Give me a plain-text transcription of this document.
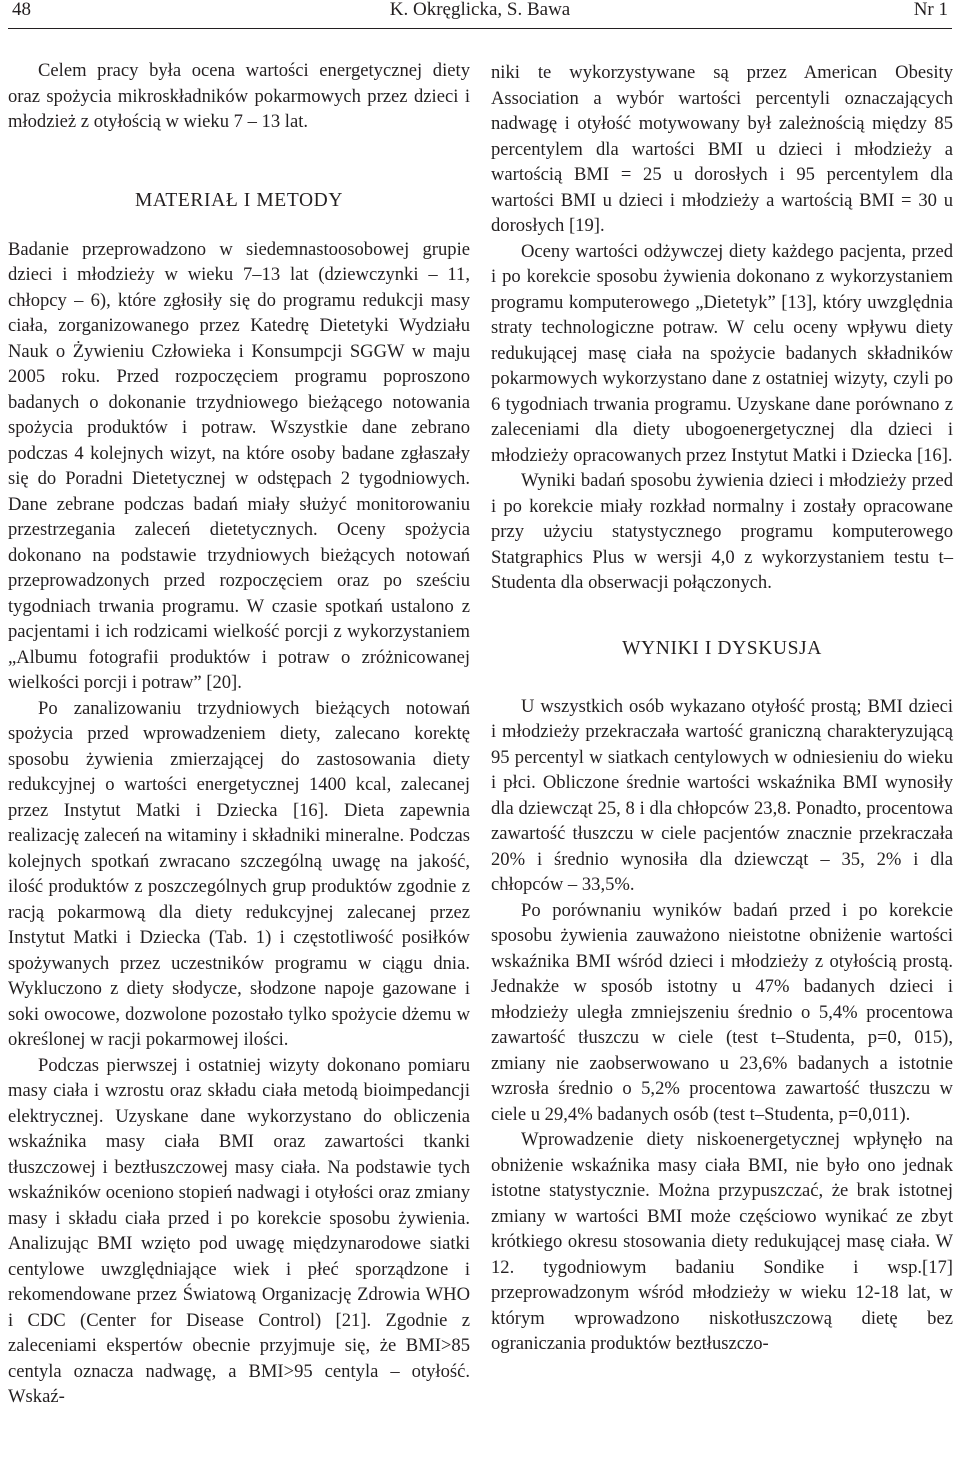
48	K. Okręglicka, S. Bawa	Nr 1

Celem pracy była ocena wartości energetycznej diety oraz spożycia mikroskładników pokarmowych przez dzieci i młodzież z otyłością w wieku 7 – 13 lat.

MATERIAŁ I METODY

Badanie przeprowadzono w siedemnastoosobowej grupie dzieci i młodzieży w wieku 7–13 lat (dziewczynki – 11, chłopcy – 6), które zgłosiły się do programu redukcji masy ciała, zorganizowanego przez Katedrę Dietetyki Wydziału Nauk o Żywieniu Człowieka i Konsumpcji SGGW w maju 2005 roku. Przed rozpoczęciem programu poproszono badanych o dokonanie trzydniowego bieżącego notowania spożycia produktów i potraw. Wszystkie dane zebrano podczas 4 kolejnych wizyt, na które osoby badane zgłaszały się do Poradni Dietetycznej w odstępach 2 tygodniowych. Dane zebrane podczas badań miały służyć monitorowaniu przestrzegania zaleceń dietetycznych. Oceny spożycia dokonano na podstawie trzydniowych bieżących notowań przeprowadzonych przed rozpoczęciem oraz po sześciu tygodniach trwania programu. W czasie spotkań ustalono z pacjentami i ich rodzicami wielkość porcji z wykorzystaniem „Albumu fotografii produktów i potraw o zróżnicowanej wielkości porcji i potraw” [20].

Po zanalizowaniu trzydniowych bieżących notowań spożycia przed wprowadzeniem diety, zalecano korektę sposobu żywienia zmierzającej do zastosowania diety redukcyjnej o wartości energetycznej 1400 kcal, zalecanej przez Instytut Matki i Dziecka [16]. Dieta zapewnia realizację zaleceń na witaminy i składniki mineralne. Podczas kolejnych spotkań zwracano szczególną uwagę na jakość, ilość produktów z poszczególnych grup produktów zgodnie z racją pokarmową dla diety redukcyjnej zalecanej przez Instytut Matki i Dziecka (Tab. 1) i częstotliwość posiłków spożywanych przez uczestników programu w ciągu dnia. Wykluczono z diety słodycze, słodzone napoje gazowane i soki owocowe, dozwolone pozostało tylko spożycie dżemu w określonej w racji pokarmowej ilości.

Podczas pierwszej i ostatniej wizyty dokonano pomiaru masy ciała i wzrostu oraz składu ciała metodą bioimpedancji elektrycznej. Uzyskane dane wykorzystano do obliczenia wskaźnika masy ciała BMI oraz zawartości tkanki tłuszczowej i beztłuszczowej masy ciała. Na podstawie tych wskaźników oceniono stopień nadwagi i otyłości oraz zmiany masy i składu ciała przed i po korekcie sposobu żywienia. Analizując BMI wzięto pod uwagę międzynarodowe siatki centylowe uwzględniające wiek i płeć sporządzone i rekomendowane przez Światową Organizację Zdrowia WHO i CDC (Center for Disease Control) [21]. Zgodnie z zaleceniami ekspertów obecnie przyjmuje się, że BMI>85 centyla oznacza nadwagę, a BMI>95 centyla – otyłość. Wskaź-

niki te wykorzystywane są przez American Obesity Association a wybór wartości percentyli oznaczających nadwagę i otyłość motywowany był zależnością między 85 percentylem dla wartości BMI u dzieci i młodzieży a wartością BMI = 25 u dorosłych i 95 percentylem dla wartości BMI u dzieci i młodzieży a wartością BMI = 30 u dorosłych [19].

Oceny wartości odżywczej diety każdego pacjenta, przed i po korekcie sposobu żywienia dokonano z wykorzystaniem programu komputerowego „Dietetyk” [13], który uwzględnia straty technologiczne potraw. W celu oceny wpływu diety redukującej masę ciała na spożycie badanych składników pokarmowych wykorzystano dane z ostatniej wizyty, czyli po 6 tygodniach trwania programu. Uzyskane dane porównano z zaleceniami dla diety ubogoenergetycznej dla dzieci i młodzieży opracowanych przez Instytut Matki i Dziecka [16].

Wyniki badań sposobu żywienia dzieci i młodzieży przed i po korekcie miały rozkład normalny i zostały opracowane przy użyciu statystycznego programu komputerowego Statgraphics Plus w wersji 4,0 z wykorzystaniem testu t–Studenta dla obserwacji połączonych.

WYNIKI I DYSKUSJA

U wszystkich osób wykazano otyłość prostą; BMI dzieci i młodzieży przekraczała wartość graniczną charakteryzującą 95 percentyl w siatkach centylowych w odniesieniu do wieku i płci. Obliczone średnie wartości wskaźnika BMI wynosiły dla dziewcząt 25, 8 i dla chłopców 23,8. Ponadto, procentowa zawartość tłuszczu w ciele pacjentów znacznie przekraczała 20% i średnio wynosiła dla dziewcząt – 35, 2% i dla chłopców – 33,5%.

Po porównaniu wyników badań przed i po korekcie sposobu żywienia zauważono nieistotne obniżenie wartości wskaźnika BMI wśród dzieci i młodzieży z otyłością prostą. Jednakże w sposób istotny u 47% badanych dzieci i młodzieży uległa zmniejszeniu średnio o 5,4% procentowa zawartość tłuszczu w ciele (test t–Studenta, p=0, 015), zmiany nie zaobserwowano u 23,6% badanych a istotnie wzrosła średnio o 5,2% procentowa zawartość tłuszczu w ciele u 29,4% badanych osób (test t–Studenta, p=0,011).

Wprowadzenie diety niskoenergetycznej wpłynęło na obniżenie wskaźnika masy ciała BMI, nie było ono jednak istotne statystycznie. Można przypuszczać, że brak istotnej zmiany w wartości BMI może częściowo wynikać ze zbyt krótkiego okresu stosowania diety redukującej masę ciała. W 12. tygodniowym badaniu Sondike i wsp.[17] przeprowadzonym wśród młodzieży w wieku 12-18 lat, w którym wprowadzono niskotłuszczową dietę bez ograniczania produktów beztłuszczo-
